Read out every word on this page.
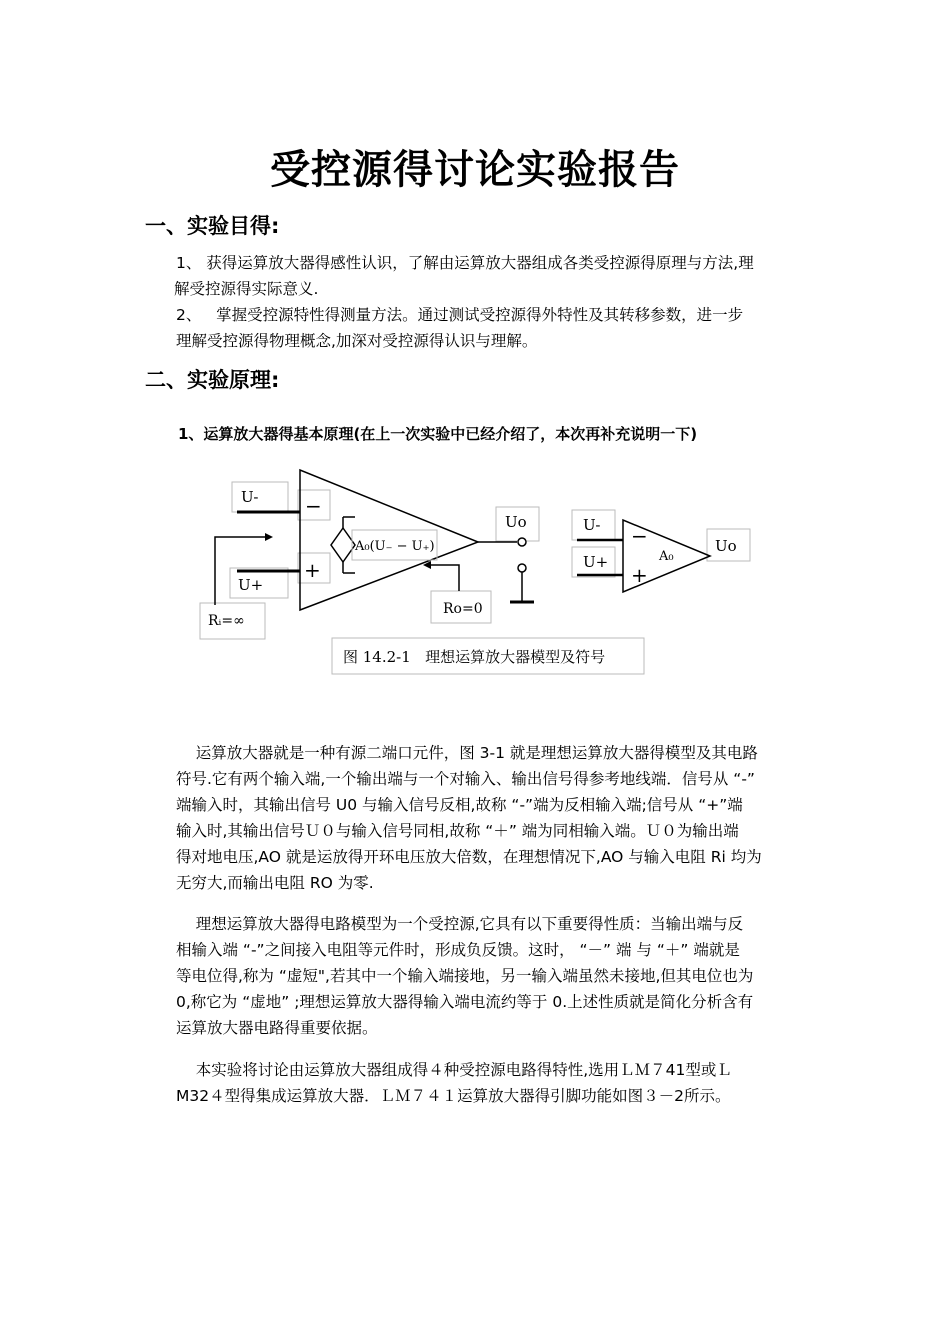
受控源得讨论实验报告
一、实验目得:

1、 获得运算放大器得感性认识，了解由运算放大器组成各类受控源得原理与方法,理

解受控源得实际意义.

2、   掌握受控源特性得测量方法。通过测试受控源得外特性及其转移参数，进一步

理解受控源得物理概念,加深对受控源得认识与理解。

二、实验原理:
1、运算放大器得基本原理(在上一次实验中已经介绍了，本次再补充说明一下)
U-
U+
Uo
A₀(U₋ − U₊)
Rᵢ=∞
Ro=0
−
+
U-
U+
Uo
−
+
A₀
图 14.2-1   理想运算放大器模型及符号

运算放大器就是一种有源二端口元件，图 3-1 就是理想运算放大器得模型及其电路

符号.它有两个输入端,一个输出端与一个对输入、输出信号得参考地线端．信号从 “-”

端输入时，其输出信号 U0 与输入信号反相,故称 “-”端为反相输入端;信号从 “+”端

输入时,其输出信号Ｕ０与输入信号同相,故称 “＋” 端为同相输入端。Ｕ０为输出端

得对地电压,AO 就是运放得开环电压放大倍数，在理想情况下,AO 与输入电阻 Ri 均为

无穷大,而输出电阻 RO 为零.

理想运算放大器得电路模型为一个受控源,它具有以下重要得性质：当输出端与反

相输入端 “-”之间接入电阻等元件时，形成负反馈。这时， “－” 端 与 “＋” 端就是

等电位得,称为 “虚短",若其中一个输入端接地，另一输入端虽然未接地,但其电位也为

0,称它为 “虚地” ;理想运算放大器得输入端电流约等于 0.上述性质就是简化分析含有

运算放大器电路得重要依据。

本实验将讨论由运算放大器组成得４种受控源电路得特性,选用ＬＭ７41型或Ｌ

M32４型得集成运算放大器．ＬＭ７４１运算放大器得引脚功能如图３－2所示。
